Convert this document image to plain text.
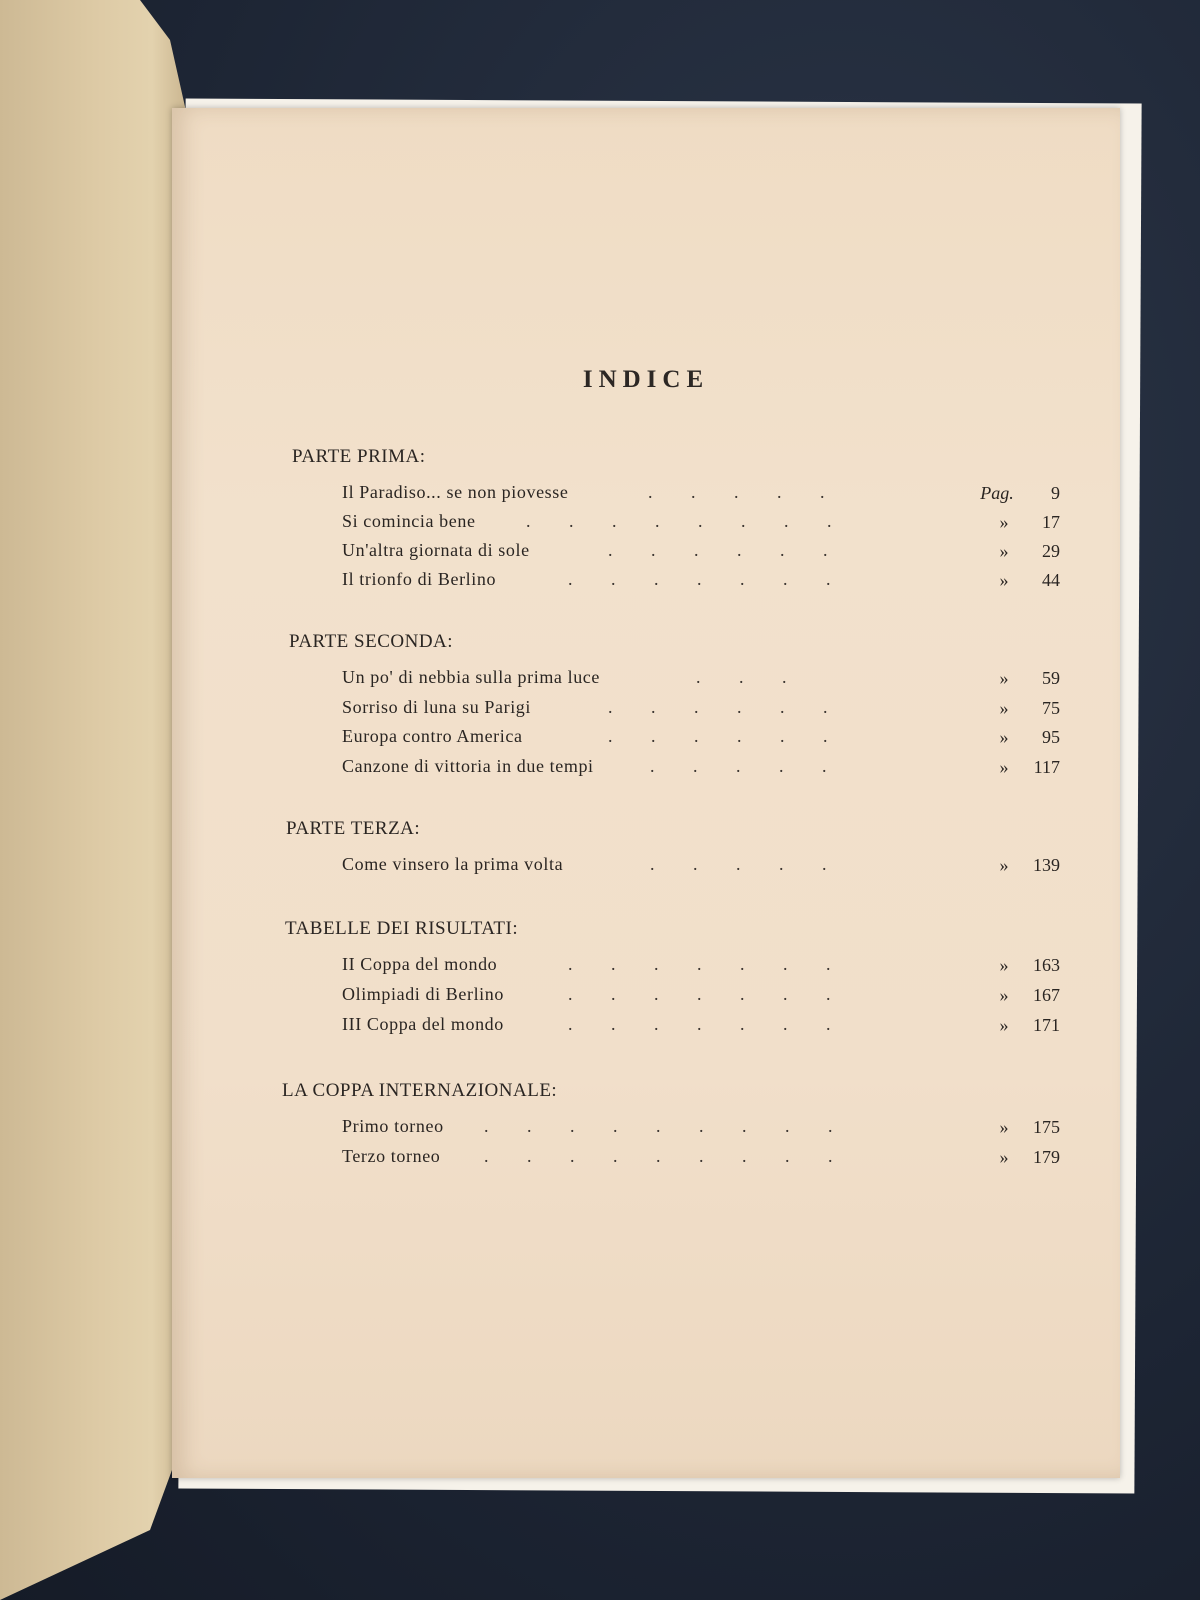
INDICE
PARTE PRIMA:
Il Paradiso... se non piovesse	. . . . .	Pag.	9
Si comincia bene	. . . . . . . .	»	17
Un'altra giornata di sole	. . . . . .	»	29
Il trionfo di Berlino	. . . . . . .	»	44
PARTE SECONDA:
Un po' di nebbia sulla prima luce	. . .	»	59
Sorriso di luna su Parigi	. . . . . .	»	75
Europa contro America	. . . . . .	»	95
Canzone di vittoria in due tempi	. . . . .	»	117
PARTE TERZA:
Come vinsero la prima volta	. . . . .	»	139
TABELLE DEI RISULTATI:
II Coppa del mondo	. . . . . . .	»	163
Olimpiadi di Berlino	. . . . . . .	»	167
III Coppa del mondo	. . . . . . .	»	171
LA COPPA INTERNAZIONALE:
Primo torneo . . . . . . . . .	»	175
Terzo torneo . . . . . . . . .	»	179
